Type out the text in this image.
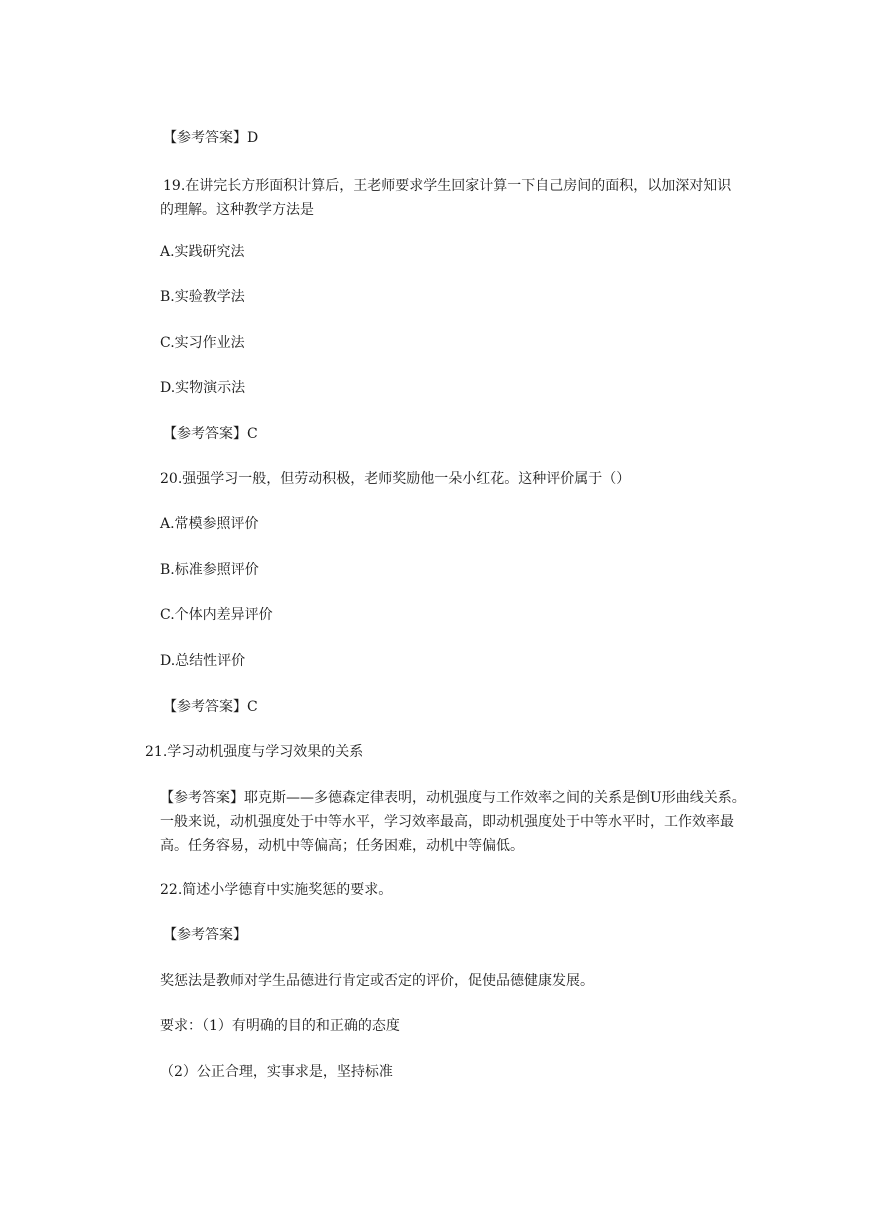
【参考答案】D
19.在讲完长方形面积计算后，王老师要求学生回家计算一下自己房间的面积，以加深对知识的理解。这种教学方法是
A.实践研究法
B.实验教学法
C.实习作业法
D.实物演示法
【参考答案】C
20.强强学习一般，但劳动积极，老师奖励他一朵小红花。这种评价属于（）
A.常模参照评价
B.标准参照评价
C.个体内差异评价
D.总结性评价
【参考答案】C
21.学习动机强度与学习效果的关系
【参考答案】耶克斯——多德森定律表明，动机强度与工作效率之间的关系是倒U形曲线关系。一般来说，动机强度处于中等水平，学习效率最高，即动机强度处于中等水平时，工作效率最高。任务容易，动机中等偏高；任务困难，动机中等偏低。
22.简述小学德育中实施奖惩的要求。
【参考答案】
奖惩法是教师对学生品德进行肯定或否定的评价，促使品德健康发展。
要求：（1）有明确的目的和正确的态度
（2）公正合理，实事求是，坚持标准
